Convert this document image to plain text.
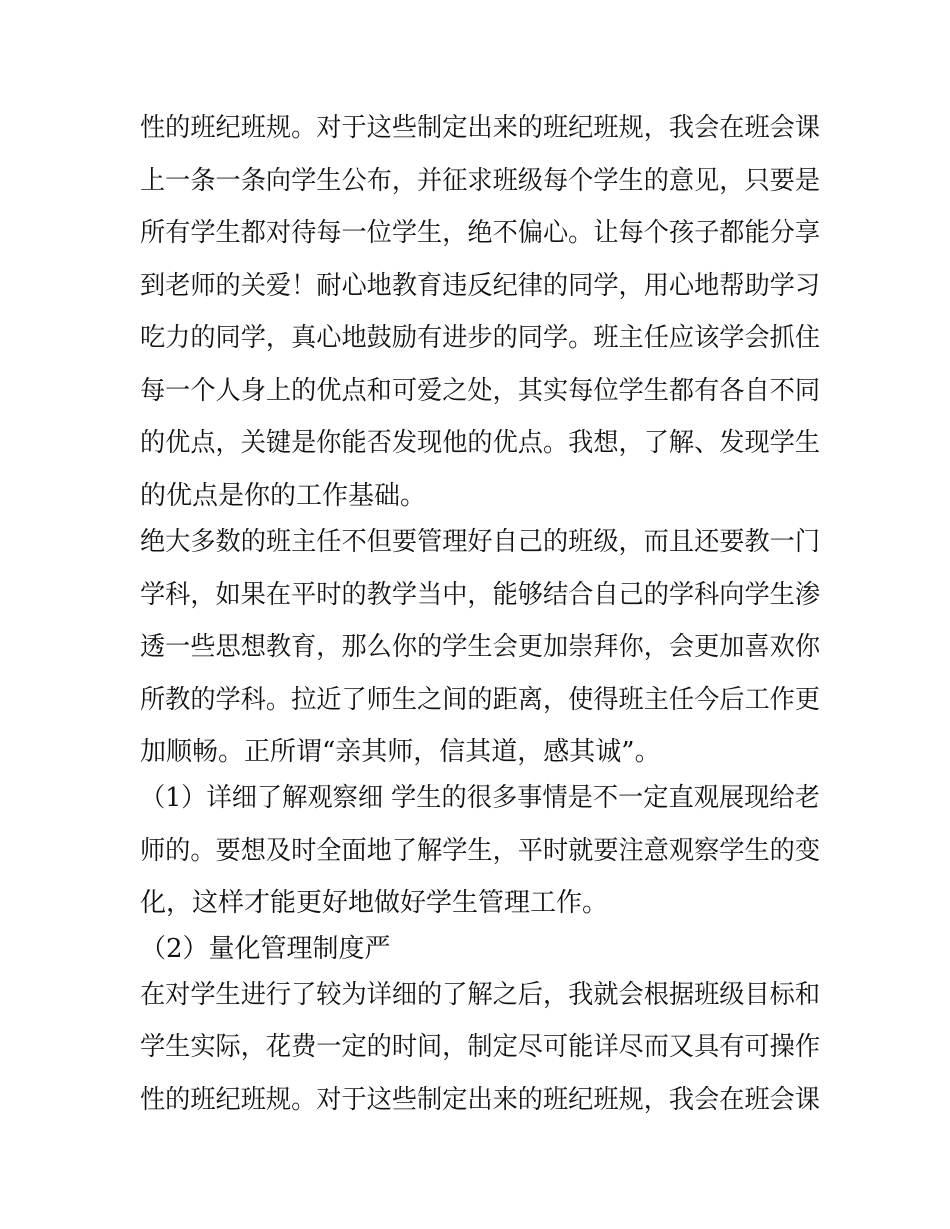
性的班纪班规。对于这些制定出来的班纪班规，我会在班会课
上一条一条向学生公布，并征求班级每个学生的意见，只要是
所有学生都对待每一位学生，绝不偏心。让每个孩子都能分享
到老师的关爱！耐心地教育违反纪律的同学，用心地帮助学习
吃力的同学，真心地鼓励有进步的同学。班主任应该学会抓住
每一个人身上的优点和可爱之处，其实每位学生都有各自不同
的优点，关键是你能否发现他的优点。我想，了解、发现学生
的优点是你的工作基础。
绝大多数的班主任不但要管理好自己的班级，而且还要教一门
学科，如果在平时的教学当中，能够结合自己的学科向学生渗
透一些思想教育，那么你的学生会更加崇拜你，会更加喜欢你
所教的学科。拉近了师生之间的距离，使得班主任今后工作更
加顺畅。正所谓“亲其师，信其道，感其诚”。
（1）详细了解观察细 学生的很多事情是不一定直观展现给老
师的。要想及时全面地了解学生，平时就要注意观察学生的变
化，这样才能更好地做好学生管理工作。
（2）量化管理制度严
在对学生进行了较为详细的了解之后，我就会根据班级目标和
学生实际，花费一定的时间，制定尽可能详尽而又具有可操作
性的班纪班规。对于这些制定出来的班纪班规，我会在班会课
